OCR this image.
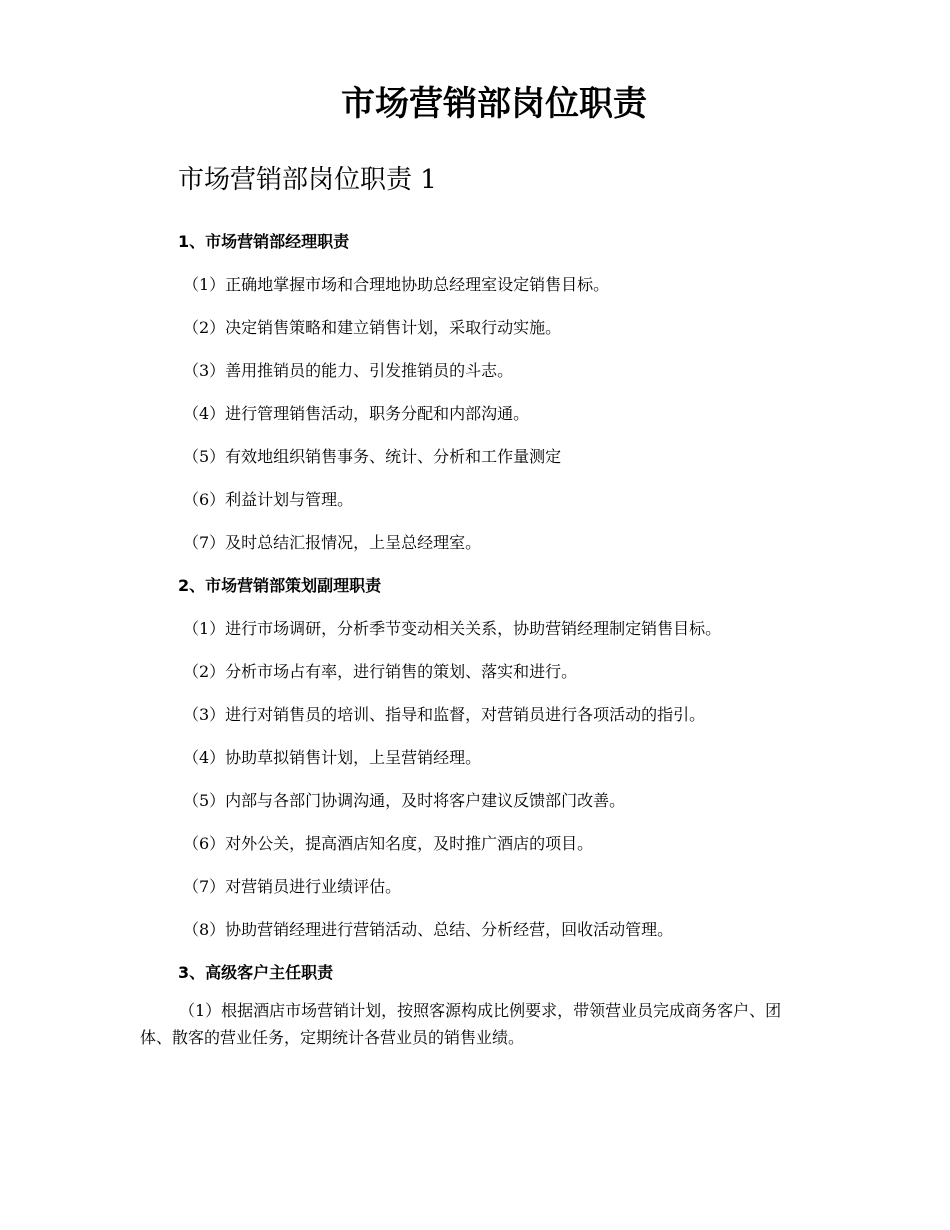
市场营销部岗位职责
市场营销部岗位职责 1
1、市场营销部经理职责
（1）正确地掌握市场和合理地协助总经理室设定销售目标。
（2）决定销售策略和建立销售计划，采取行动实施。
（3）善用推销员的能力、引发推销员的斗志。
（4）进行管理销售活动，职务分配和内部沟通。
（5）有效地组织销售事务、统计、分析和工作量测定
（6）利益计划与管理。
（7）及时总结汇报情况，上呈总经理室。
2、市场营销部策划副理职责
（1）进行市场调研，分析季节变动相关关系，协助营销经理制定销售目标。
（2）分析市场占有率，进行销售的策划、落实和进行。
（3）进行对销售员的培训、指导和监督，对营销员进行各项活动的指引。
（4）协助草拟销售计划，上呈营销经理。
（5）内部与各部门协调沟通，及时将客户建议反馈部门改善。
（6）对外公关，提高酒店知名度，及时推广酒店的项目。
（7）对营销员进行业绩评估。
（8）协助营销经理进行营销活动、总结、分析经营，回收活动管理。
3、高级客户主任职责

（1）根据酒店市场营销计划，按照客源构成比例要求，带领营业员完成商务客户、团体、散客的营业任务，定期统计各营业员的销售业绩。
